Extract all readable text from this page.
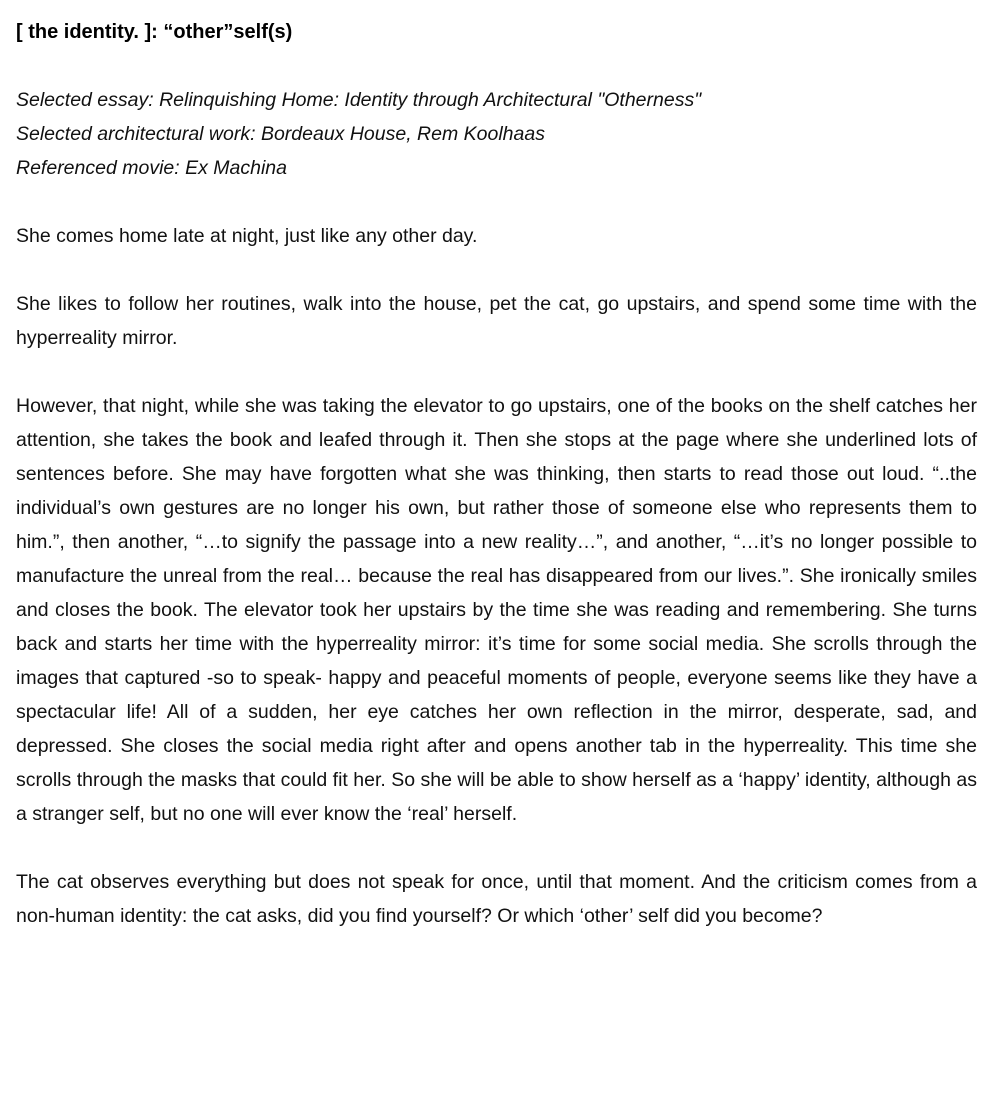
[ the identity. ]: “other”self(s)
Selected essay: Relinquishing Home: Identity through Architectural "Otherness"
Selected architectural work: Bordeaux House, Rem Koolhaas
Referenced movie: Ex Machina

She comes home late at night, just like any other day.

She likes to follow her routines, walk into the house, pet the cat, go upstairs, and spend some time with the hyperreality mirror.

However, that night, while she was taking the elevator to go upstairs, one of the books on the shelf catches her attention, she takes the book and leafed through it. Then she stops at the page where she underlined lots of sentences before. She may have forgotten what she was thinking, then starts to read those out loud. “..the individual’s own gestures are no longer his own, but rather those of someone else who represents them to him.”, then another, “…to signify the passage into a new reality…”, and another, “…it’s no longer possible to manufacture the unreal from the real… because the real has disappeared from our lives.”. She ironically smiles and closes the book. The elevator took her upstairs by the time she was reading and remembering. She turns back and starts her time with the hyperreality mirror: it’s time for some social media. She scrolls through the images that captured -so to speak- happy and peaceful moments of people, everyone seems like they have a spectacular life! All of a sudden, her eye catches her own reflection in the mirror, desperate, sad, and depressed. She closes the social media right after and opens another tab in the hyperreality. This time she scrolls through the masks that could fit her. So she will be able to show herself as a ‘happy’ identity, although as a stranger self, but no one will ever know the ‘real’ herself.

The cat observes everything but does not speak for once, until that moment. And the criticism comes from a non-human identity: the cat asks, did you find yourself? Or which ‘other’ self did you become?
